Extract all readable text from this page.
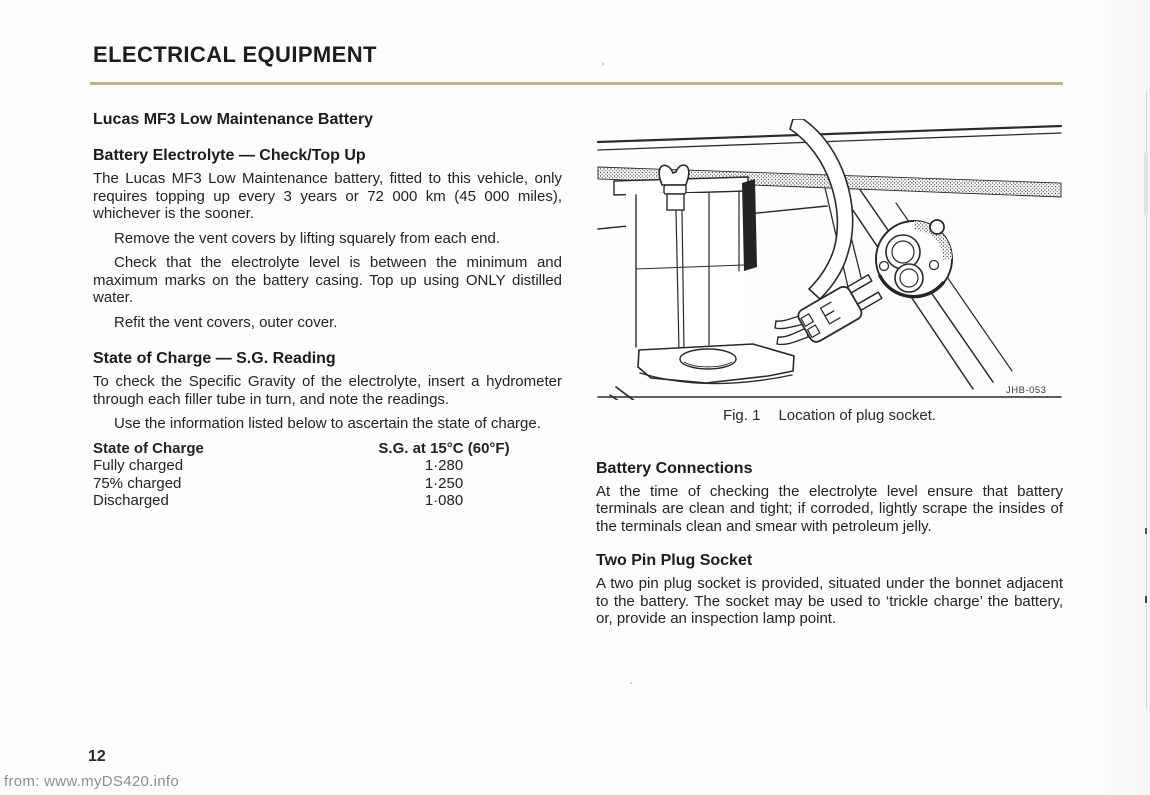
ELECTRICAL EQUIPMENT
Lucas MF3 Low Maintenance Battery
Battery Electrolyte — Check/Top Up

The Lucas MF3 Low Maintenance battery, fitted to this vehicle, only requires topping up every 3 years or 72 000 km (45 000 miles), whichever is the sooner.

Remove the vent covers by lifting squarely from each end.

Check that the electrolyte level is between the minimum and maximum marks on the battery casing. Top up using ONLY distilled water.

Refit the vent covers, outer cover.

State of Charge — S.G. Reading

To check the Specific Gravity of the electrolyte, insert a hydrometer through each filler tube in turn, and note the readings.

Use the information listed below to ascertain the state of charge.

State of Charge	S.G. at 15°C (60°F)
Fully charged	1·280
75% charged	1·250
Discharged	1·080
JHB-053
Fig. 1 Location of plug socket.
Battery Connections

At the time of checking the electrolyte level ensure that battery terminals are clean and tight; if corroded, lightly scrape the insides of the terminals clean and smear with petroleum jelly.

Two Pin Plug Socket

A two pin plug socket is provided, situated under the bonnet adjacent to the battery. The socket may be used to ‘trickle charge’ the battery, or, provide an inspection lamp point.

12
from: www.myDS420.info
